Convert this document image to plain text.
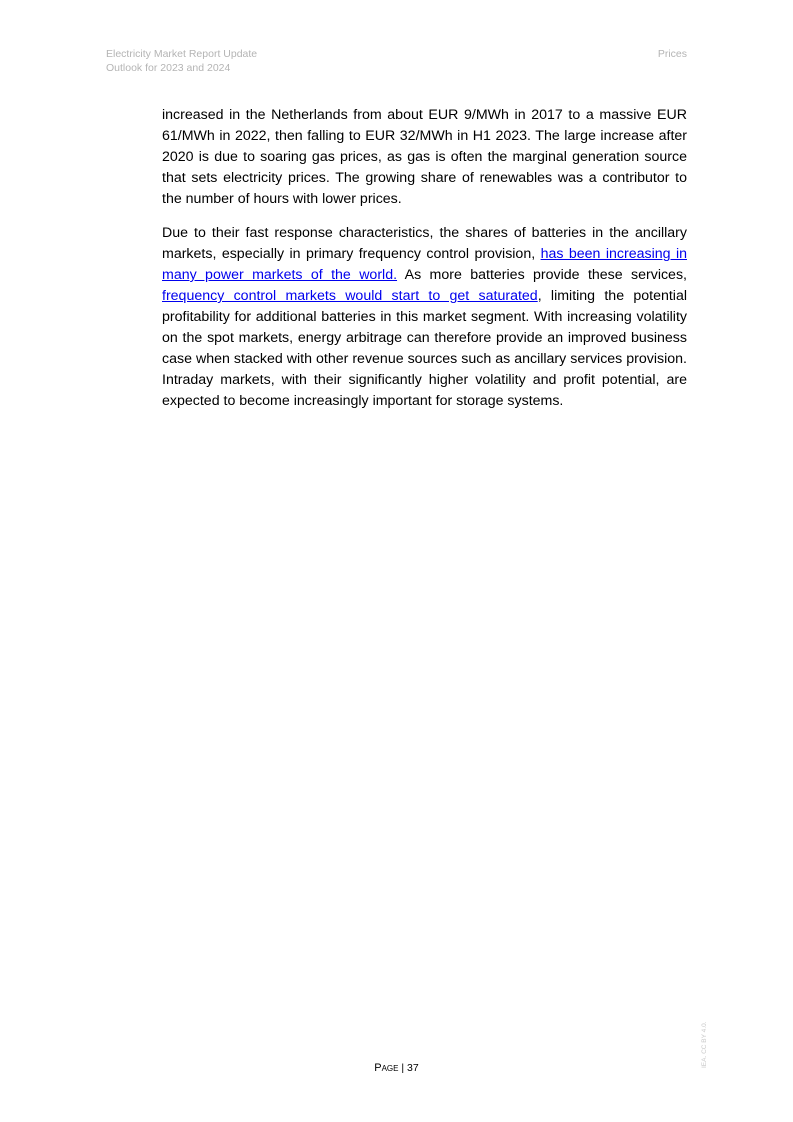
Electricity Market Report Update
Outlook for 2023 and 2024
Prices

increased in the Netherlands from about EUR 9/MWh in 2017 to a massive EUR 61/MWh in 2022, then falling to EUR 32/MWh in H1 2023. The large increase after 2020 is due to soaring gas prices, as gas is often the marginal generation source that sets electricity prices. The growing share of renewables was a contributor to the number of hours with lower prices.

Due to their fast response characteristics, the shares of batteries in the ancillary markets, especially in primary frequency control provision, has been increasing in many power markets of the world. As more batteries provide these services, frequency control markets would start to get saturated, limiting the potential profitability for additional batteries in this market segment. With increasing volatility on the spot markets, energy arbitrage can therefore provide an improved business case when stacked with other revenue sources such as ancillary services provision. Intraday markets, with their significantly higher volatility and profit potential, are expected to become increasingly important for storage systems.

Page | 37	IEA. CC BY 4.0.
